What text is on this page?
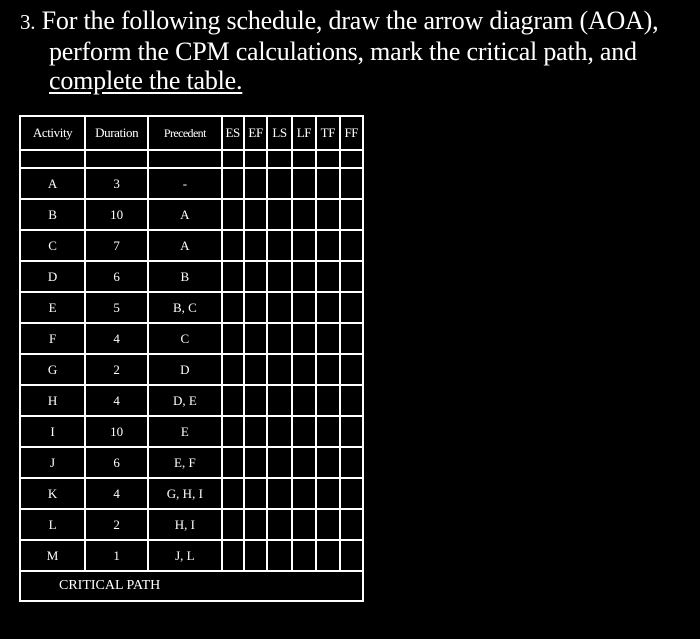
3. For the following schedule, draw the arrow diagram (AOA),
perform the CPM calculations, mark the critical path, and
complete the table.
Activity	Duration	Precedent	ES	EF	LS	LF	TF	FF

A	3	-						
B	10	A						
C	7	A						
D	6	B						
E	5	B, C						
F	4	C						
G	2	D						
H	4	D, E						
I	10	E						
J	6	E, F						
K	4	G, H, I						
L	2	H, I						
M	1	J, L						
CRITICAL PATH								
